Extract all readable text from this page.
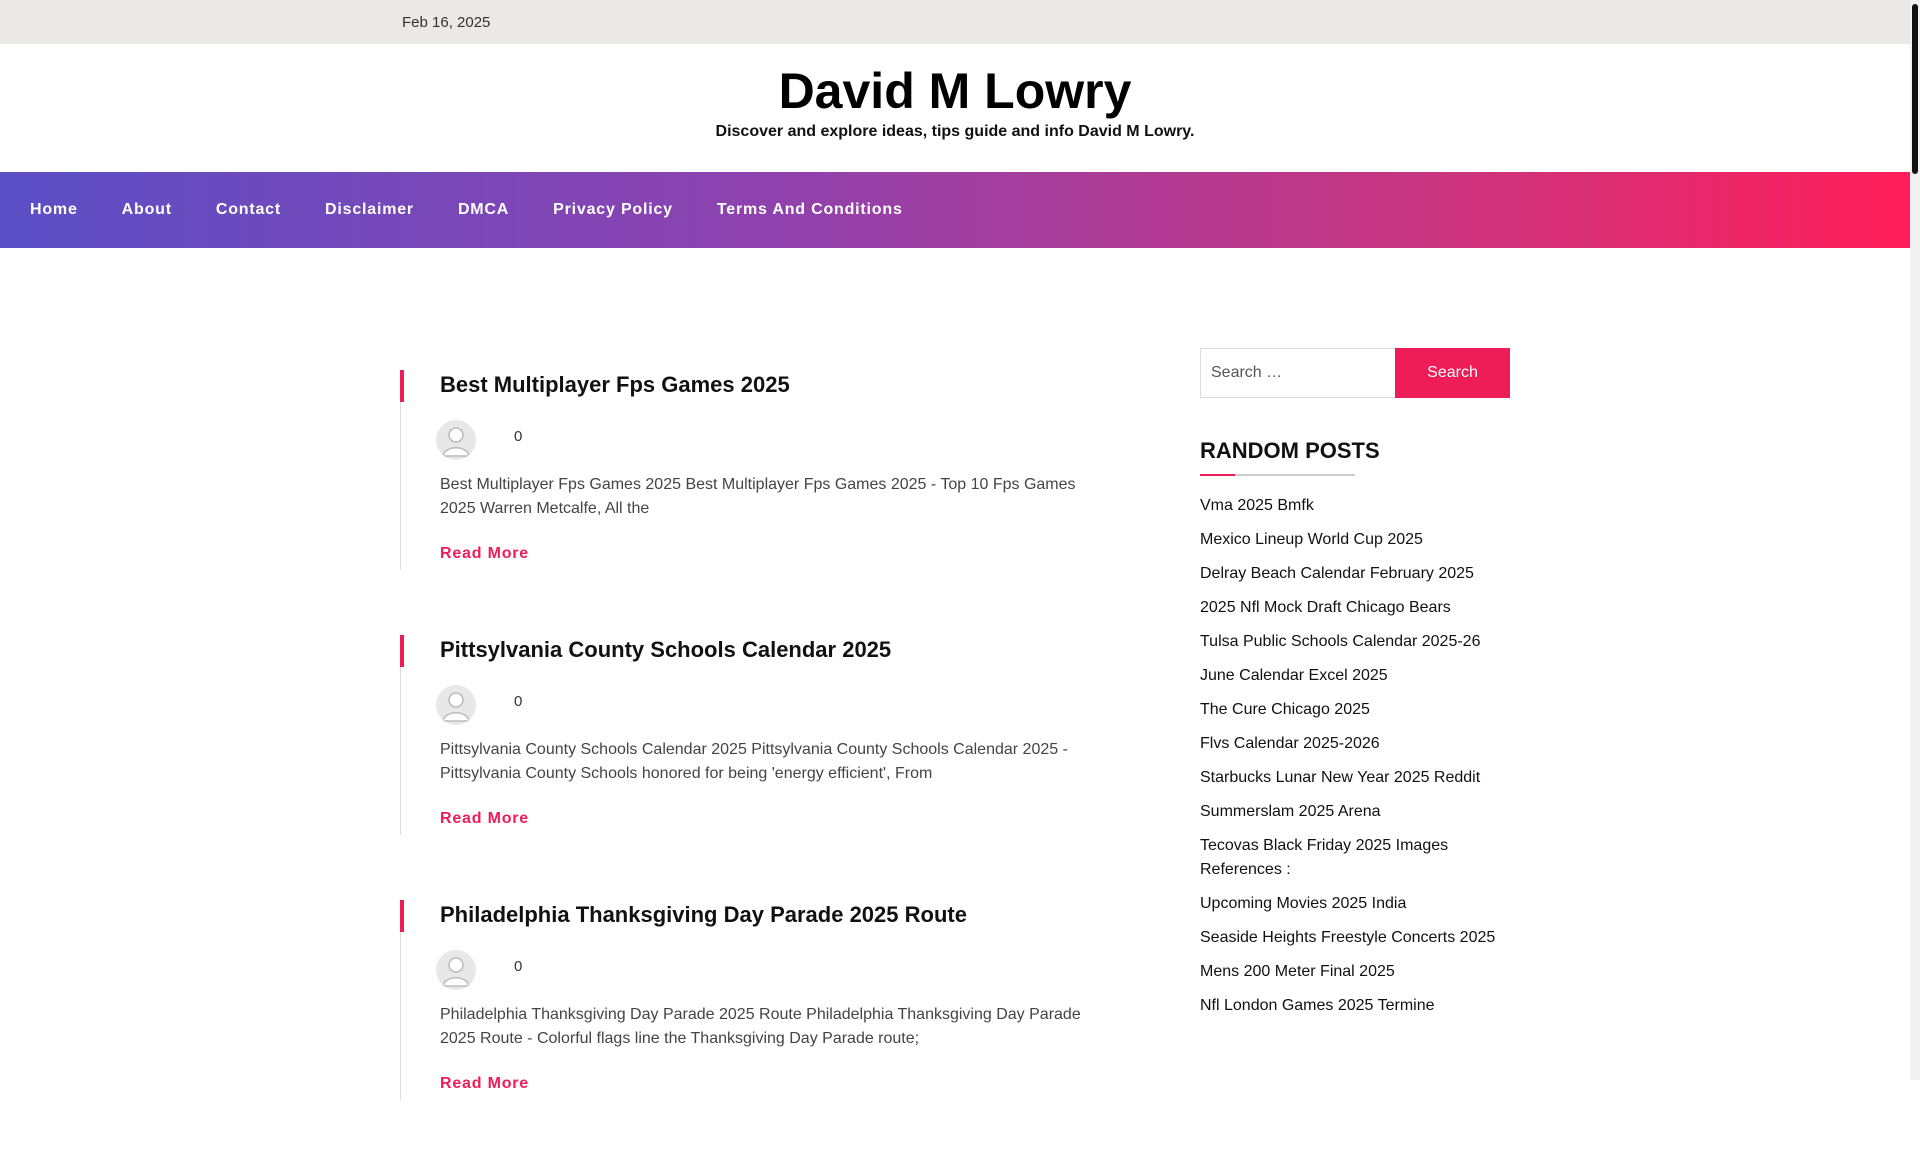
Feb 16, 2025
David M Lowry
Discover and explore ideas, tips guide and info David M Lowry.
Home	About	Contact	Disclaimer	DMCA	Privacy Policy	Terms And Conditions
Best Multiplayer Fps Games 2025
0
Best Multiplayer Fps Games 2025 Best Multiplayer Fps Games 2025 - Top 10 Fps Games 2025 Warren Metcalfe, All the
Read More
Pittsylvania County Schools Calendar 2025
0
Pittsylvania County Schools Calendar 2025 Pittsylvania County Schools Calendar 2025 - Pittsylvania County Schools honored for being 'energy efficient', From
Read More
Philadelphia Thanksgiving Day Parade 2025 Route
0
Philadelphia Thanksgiving Day Parade 2025 Route Philadelphia Thanksgiving Day Parade 2025 Route - Colorful flags line the Thanksgiving Day Parade route;
Read More
Search …
Search
RANDOM POSTS
Vma 2025 Bmfk
Mexico Lineup World Cup 2025
Delray Beach Calendar February 2025
2025 Nfl Mock Draft Chicago Bears
Tulsa Public Schools Calendar 2025-26
June Calendar Excel 2025
The Cure Chicago 2025
Flvs Calendar 2025-2026
Starbucks Lunar New Year 2025 Reddit
Summerslam 2025 Arena
Tecovas Black Friday 2025 Images References :
Upcoming Movies 2025 India
Seaside Heights Freestyle Concerts 2025
Mens 200 Meter Final 2025
Nfl London Games 2025 Termine
